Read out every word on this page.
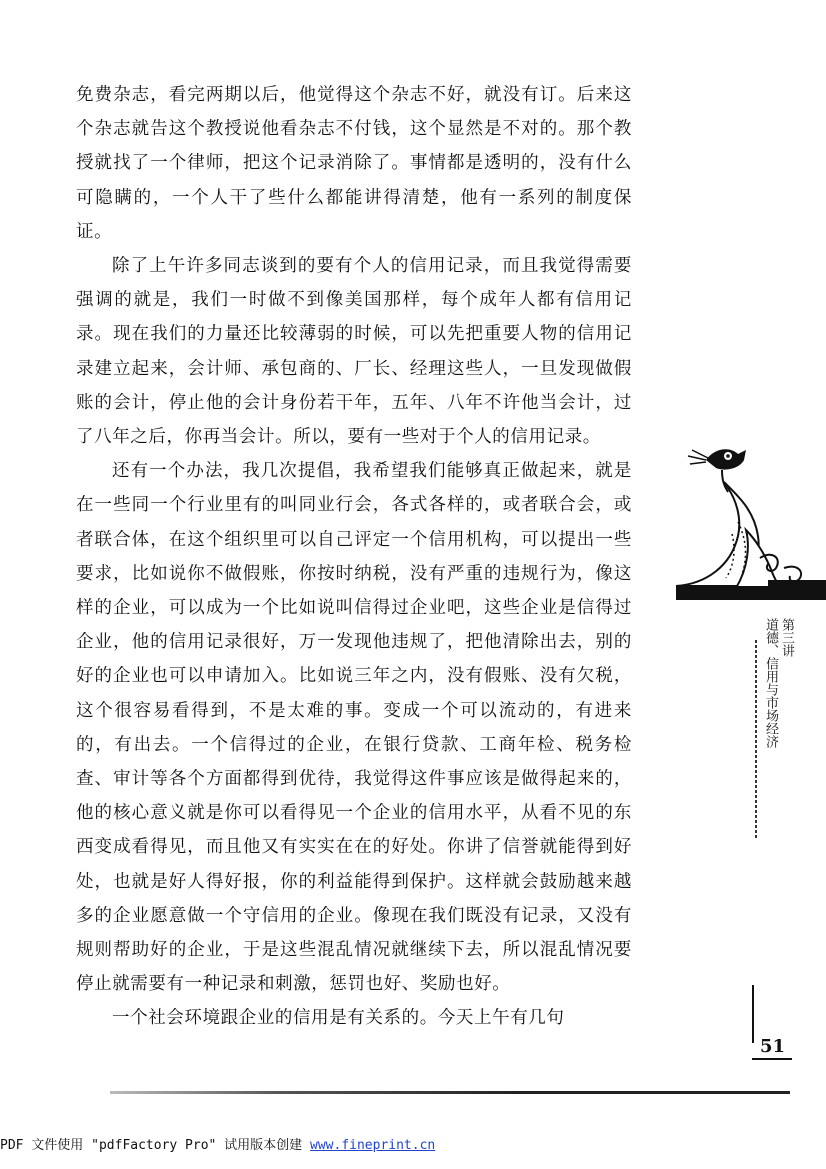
免费杂志，看完两期以后，他觉得这个杂志不好，就没有订。后来这个杂志就告这个教授说他看杂志不付钱，这个显然是不对的。那个教授就找了一个律师，把这个记录消除了。事情都是透明的，没有什么可隐瞒的，一个人干了些什么都能讲得清楚，他有一系列的制度保证。

除了上午许多同志谈到的要有个人的信用记录，而且我觉得需要强调的就是，我们一时做不到像美国那样，每个成年人都有信用记录。现在我们的力量还比较薄弱的时候，可以先把重要人物的信用记录建立起来，会计师、承包商的、厂长、经理这些人，一旦发现做假账的会计，停止他的会计身份若干年，五年、八年不许他当会计，过了八年之后，你再当会计。所以，要有一些对于个人的信用记录。

还有一个办法，我几次提倡，我希望我们能够真正做起来，就是在一些同一个行业里有的叫同业行会，各式各样的，或者联合会，或者联合体，在这个组织里可以自己评定一个信用机构，可以提出一些要求，比如说你不做假账，你按时纳税，没有严重的违规行为，像这样的企业，可以成为一个比如说叫信得过企业吧，这些企业是信得过企业，他的信用记录很好，万一发现他违规了，把他清除出去，别的好的企业也可以申请加入。比如说三年之内，没有假账、没有欠税，这个很容易看得到，不是太难的事。变成一个可以流动的，有进来的，有出去。一个信得过的企业，在银行贷款、工商年检、税务检查、审计等各个方面都得到优待，我觉得这件事应该是做得起来的，他的核心意义就是你可以看得见一个企业的信用水平，从看不见的东西变成看得见，而且他又有实实在在的好处。你讲了信誉就能得到好处，也就是好人得好报，你的利益能得到保护。这样就会鼓励越来越多的企业愿意做一个守信用的企业。像现在我们既没有记录，又没有规则帮助好的企业，于是这些混乱情况就继续下去，所以混乱情况要停止就需要有一种记录和刺激，惩罚也好、奖励也好。

一个社会环境跟企业的信用是有关系的。今天上午有几句

第三讲
道德、信用与市场经济
51
PDF 文件使用 "pdfFactory Pro" 试用版本创建 www.fineprint.cn
